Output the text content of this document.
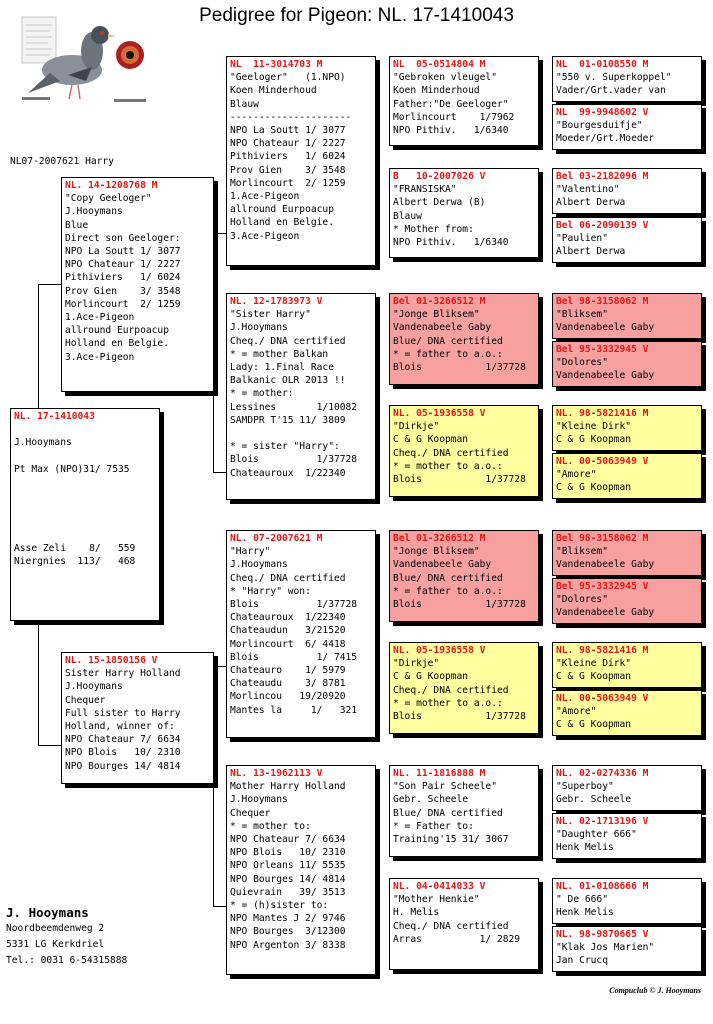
Pedigree for Pigeon: NL. 17-1410043
NL07-2007621 Harry
NL. 17-1410043

J.Hooymans

Pt Max (NPO)31/ 7535

Asse Zeli    8/   559
Niergnies  113/   468
NL. 14-1208768 M
"Copy Geeloger"
J.Hooymans
Blue
Direct son Geeloger:
NPO La Soutt 1/ 3077
NPO Chateaur 1/ 2227
Pithiviers   1/ 6024
Prov Gien    3/ 3548
Morlincourt  2/ 1259
1.Ace-Pigeon
allround Eurpoacup
Holland en Belgie.
3.Ace-Pigeon
NL. 15-1850156 V
Sister Harry Holland
J.Hooymans
Chequer
Full sister to Harry
Holland, winner of:
NPO Chateaur 7/ 6634
NPO Blois   10/ 2310
NPO Bourges 14/ 4814
NL  11-3014703 M
"Geeloger"   (1.NPO)
Koen Minderhoud
Blauw
---------------------
NPO La Soutt 1/ 3077
NPO Chateaur 1/ 2227
Pithiviers   1/ 6024
Prov Gien    3/ 3548
Morlincourt  2/ 1259
1.Ace-Pigeon
allround Eurpoacup
Holland en Belgie.
3.Ace-Pigeon
NL. 12-1783973 V
"Sister Harry"
J.Hooymans
Cheq./ DNA certified
* = mother Balkan
Lady: 1.Final Race
Balkanic OLR 2013 !!
* = mother:
Lessines       1/10082
SAMDPR T'15 11/ 3809

* = sister "Harry":
Blois          1/37728
Chateauroux  1/22340
NL. 07-2007621 M
"Harry"
J.Hooymans
Cheq./ DNA certified
* "Harry" won:
Blois          1/37728
Chateauroux  1/22340
Chateaudun   3/21520
Morlincourt  6/ 4418
Blois          1/ 7415
Chateauro    1/ 5979
Chateaudu    3/ 8781
Morlincou   19/20920
Mantes la     1/   321
NL. 13-1962113 V
Mother Harry Holland
J.Hooymans
Chequer
* = mother to:
NPO Chateaur 7/ 6634
NPO Blois   10/ 2310
NPO Orleans 11/ 5535
NPO Bourges 14/ 4814
Quievrain   39/ 3513
* = (h)sister to:
NPO Mantes J 2/ 9746
NPO Bourges  3/12300
NPO Argenton 3/ 8338
NL  05-0514804 M
"Gebroken vleugel"
Koen Minderhoud
Father:"De Geeloger"
Morlincourt    1/7962
NPO Pithiv.   1/6340
B   10-2007026 V
"FRANSISKA"
Albert Derwa (B)
Blauw
* Mother from:
NPO Pithiv.   1/6340
Bel 01-3266512 M
"Jonge Bliksem"
Vandenabeele Gaby
Blue/ DNA certified
* = father to a.o.:
Blois           1/37728
NL. 05-1936558 V
"Dirkje"
C & G Koopman
Cheq./ DNA certified
* = mother to a.o.:
Blois           1/37728
Bel 01-3266512 M
"Jonge Bliksem"
Vandenabeele Gaby
Blue/ DNA certified
* = father to a.o.:
Blois           1/37728
NL. 05-1936558 V
"Dirkje"
C & G Koopman
Cheq./ DNA certified
* = mother to a.o.:
Blois           1/37728
NL. 11-1816888 M
"Son Pair Scheele"
Gebr. Scheele
Blue/ DNA certified
* = Father to:
Training'15 31/ 3067
NL. 04-0414033 V
"Mother Henkie"
H. Melis
Cheq./ DNA certified
Arras          1/ 2829
NL  01-0108550 M
"550 v. Superkoppel"
Vader/Grt.vader van
NL  99-9948602 V
"Bourgesduifje"
Moeder/Grt.Moeder
Bel 03-2182096 M
"Valentino"
Albert Derwa
Bel 06-2090139 V
"Paulien"
Albert Derwa
Bel 98-3158062 M
"Bliksem"
Vandenabeele Gaby
Bel 95-3332945 V
"Dolores"
Vandenabeele Gaby
NL. 98-5821416 M
"Kleine Dirk"
C & G Koopman
NL. 00-5063949 V
"Amore"
C & G Koopman
Bel 98-3158062 M
"Bliksem"
Vandenabeele Gaby
Bel 95-3332945 V
"Dolores"
Vandenabeele Gaby
NL. 98-5821416 M
"Kleine Dirk"
C & G Koopman
NL. 00-5063949 V
"Amore"
C & G Koopman
NL. 02-0274336 M
"Superboy"
Gebr. Scheele
NL. 02-1713196 V
"Daughter 666"
Henk Melis
NL. 01-0108666 M
" De 666"
Henk Melis
NL. 98-9870665 V
"Klak Jos Marien"
Jan Crucq
J. Hooymans
Noordbeemdenweg 2
5331 LG Kerkdriel
Tel.: 0031 6-54315888
Compuclub © J. Hooymans
